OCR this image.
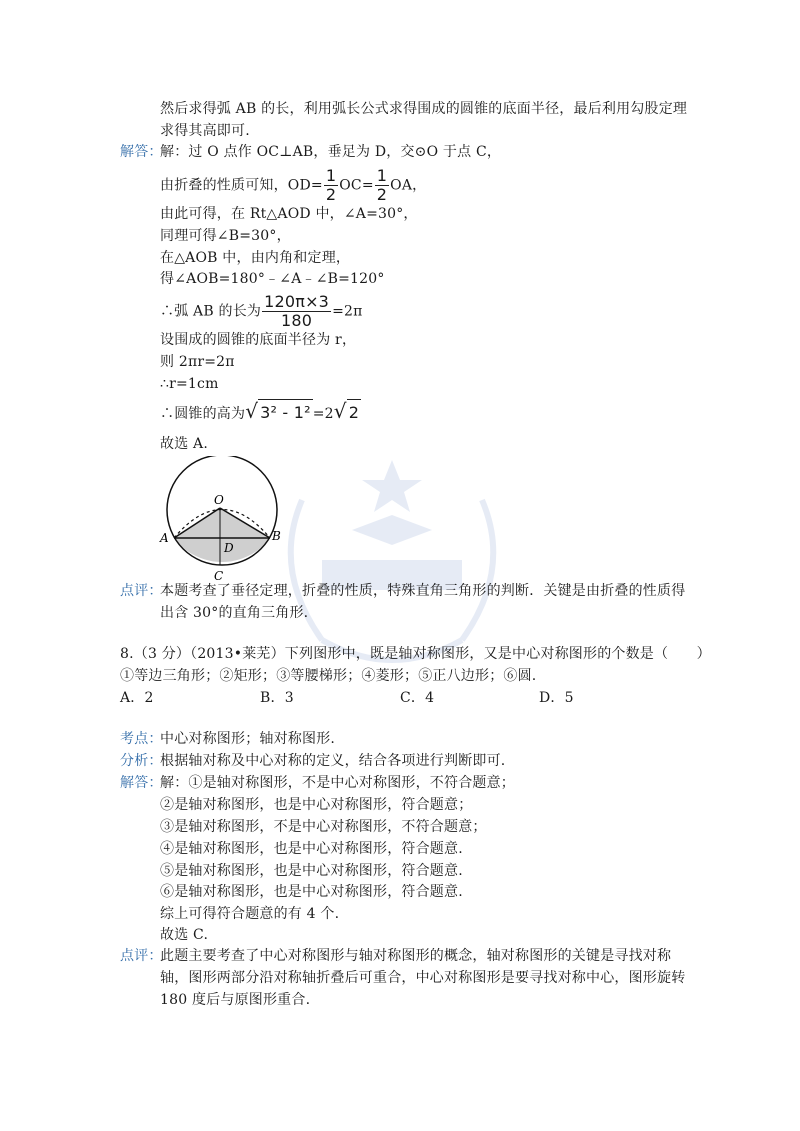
然后求得弧 AB 的长，利用弧长公式求得围成的圆锥的底面半径，最后利用勾股定理
求得其高即可.
解答：
解：过 O 点作 OC⊥AB，垂足为 D，交⊙O 于点 C，
由折叠的性质可知，$OD= \frac{1}{2} OC= \frac{1}{2}$ OA，
由此可得，在 Rt△AOD 中，∠A=30°，
同理可得∠B=30°，
在△AOB 中，由内角和定理，
得∠AOB=180°﹣∠A﹣∠B=120°
∴弧 AB 的长为 $\frac{120\pi\times 3}{180} =2\pi$
设围成的圆锥的底面半径为 r，
则 2πr=2π
∴r=1cm
∴圆锥的高为√ 3² - 1² =2√ 2
故选 A.
O
A	B
D
C
点评：
本题考查了垂径定理，折叠的性质，特殊直角三角形的判断．关键是由折叠的性质得
出含 30°的直角三角形.
8.（3 分）（2013•莱芜）下列图形中，既是轴对称图形，又是中心对称图形的个数是（　　）
①等边三角形；②矩形；③等腰梯形；④菱形；⑤正八边形；⑥圆.
A．2	B．3	C．4	D．5
考点：
中心对称图形；轴对称图形.
分析：
根据轴对称及中心对称的定义，结合各项进行判断即可.
解答：
解：①是轴对称图形，不是中心对称图形，不符合题意；
②是轴对称图形，也是中心对称图形，符合题意；
③是轴对称图形，不是中心对称图形，不符合题意；
④是轴对称图形，也是中心对称图形，符合题意.
⑤是轴对称图形，也是中心对称图形，符合题意.
⑥是轴对称图形，也是中心对称图形，符合题意.
综上可得符合题意的有 4 个.
故选 C.
点评：
此题主要考查了中心对称图形与轴对称图形的概念，轴对称图形的关键是寻找对称
轴，图形两部分沿对称轴折叠后可重合，中心对称图形是要寻找对称中心，图形旋转
180 度后与原图形重合.
